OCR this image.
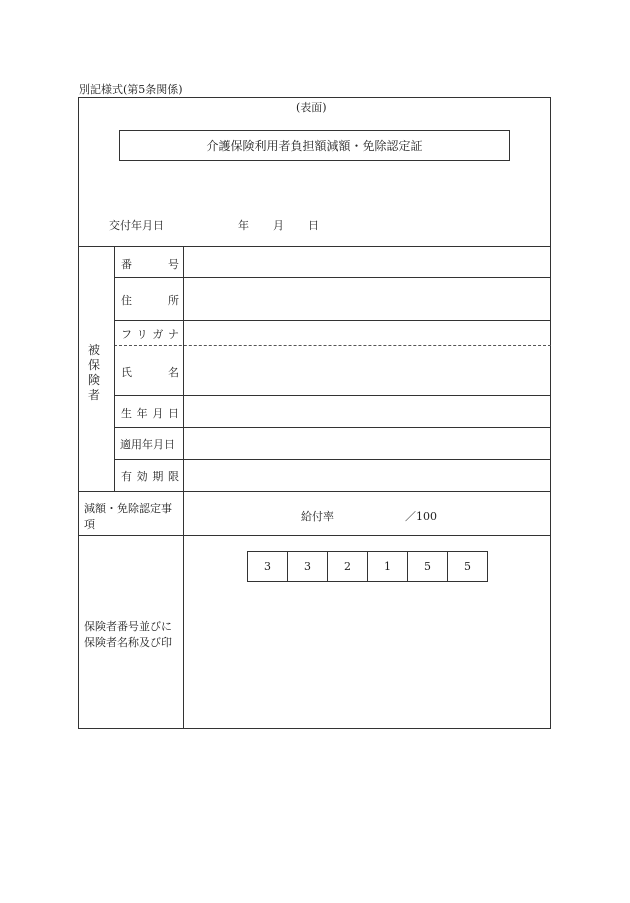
別記様式(第5条関係)
(表面)
介護保険利用者負担額減額・免除認定証
交付年月日	年 月 日
被
保
険
者
番	号
住	所
フ リ ガ ナ
氏	名
生 年 月 日
適用年月日
有 効 期 限
減額・免除認定事
項
給付率	／100
保険者番号並びに
保険者名称及び印
3	3	2	1	5	5
